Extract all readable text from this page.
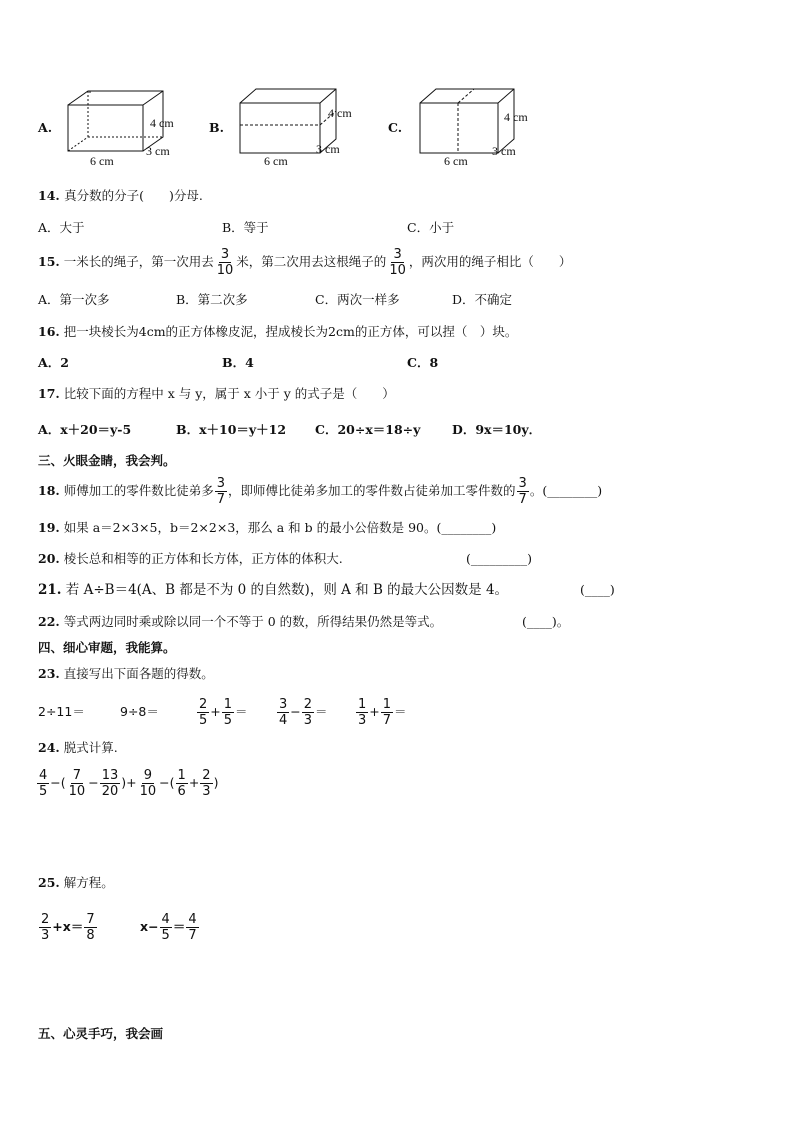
A.	4 cm
3 cm
6 cm
B.
4 cm
3 cm
6 cm
C.
4 cm
3 cm
6 cm
14. 真分数的分子(　　)分母.
A．大于	B．等于	C．小于
15. 一米长的绳子，第一次用去 $\frac{3}{10}$ 米，第二次用去这根绳子的 $\frac{3}{10}$ ，两次用的绳子相比（　　）
A．第一次多	B．第二次多	C．两次一样多	D．不确定
16. 把一块棱长为4cm的正方体橡皮泥，捏成棱长为2cm的正方体，可以捏（　）块。
A．2	B．4	C．8
17. 比较下面的方程中 x 与 y，属于 x 小于 y 的式子是（　　）
A．x＋20＝y-5	B．x＋10＝y＋12 C．20÷x＝18÷y	D．9x＝10y．
三、火眼金睛，我会判。
18. 师傅加工的零件数比徒弟多 $\frac{3}{7}$ ，即师傅比徒弟多加工的零件数占徒弟加工零件数的 $\frac{3}{7}$ 。(________)
19. 如果 a＝2×3×5，b＝2×2×3，那么 a 和 b 的最小公倍数是 90。(________)
20. 棱长总和相等的正方体和长方体，正方体的体积大.	(_________)
21. 若 A÷B＝4(A、B 都是不为 0 的自然数)，则 A 和 B 的最大公因数是 4。	(____)
22. 等式两边同时乘或除以同一个不等于 0 的数，所得结果仍然是等式。	(____)。
四、细心审题，我能算。
23. 直接写出下面各题的得数。
2÷11＝	9÷8＝	$\frac{2}{5} + \frac{1}{5} = \frac{3}{4} - \frac{2}{3} = \frac{1}{3} + \frac{1}{7}$ ＝
24. 脱式计算.
$\frac{4}{5}$ −( $\frac{7}{10} - \frac{13}{20}$ )+ $\frac{9}{10}$ −( $\frac{1}{6} + \frac{2}{3}$ )
25. 解方程。
$\frac{2}{3} +x= \frac{7}{8}$	$x- \frac{4}{5} = \frac{4}{7}$
五、心灵手巧，我会画
